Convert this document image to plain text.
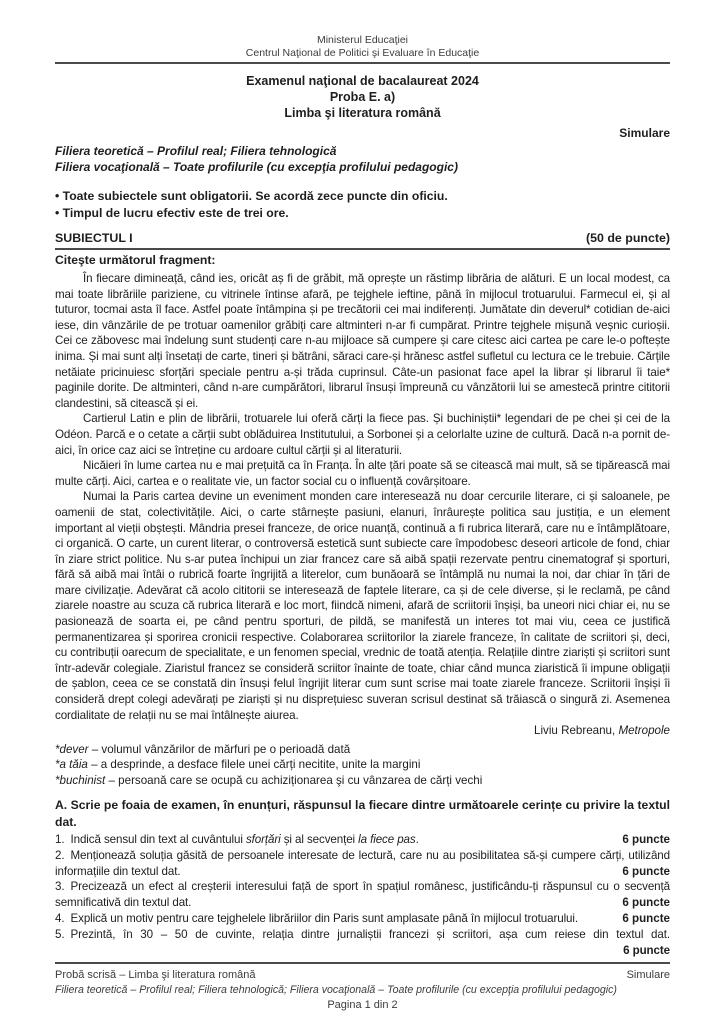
Ministerul Educaţiei
Centrul Naţional de Politici şi Evaluare în Educaţie
Examenul naţional de bacalaureat 2024
Proba E. a)
Limba şi literatura română
Simulare
Filiera teoretică – Profilul real; Filiera tehnologică
Filiera vocaţională – Toate profilurile (cu excepţia profilului pedagogic)
• Toate subiectele sunt obligatorii. Se acordă zece puncte din oficiu.
• Timpul de lucru efectiv este de trei ore.
SUBIECTUL I	(50 de puncte)
Citeşte următorul fragment:

În fiecare dimineață, când ies, oricât aș fi de grăbit, mă oprește un răstimp librăria de alături. E un local modest, ca mai toate librăriile pariziene, cu vitrinele întinse afară, pe tejghele ieftine, până în mijlocul trotuarului. Farmecul ei, și al tuturor, tocmai asta îl face. Astfel poate întâmpina și pe trecătorii cei mai indiferenți. Jumătate din deverul* cotidian de-aici iese, din vânzările de pe trotuar oamenilor grăbiți care altminteri n-ar fi cumpărat. Printre tejghele mișună veșnic curioșii. Cei ce zăbovesc mai îndelung sunt studenți care n-au mijloace să cumpere și care citesc aici cartea pe care le-o poftește inima. Și mai sunt alți însetați de carte, tineri și bătrâni, săraci care-și hrănesc astfel sufletul cu lectura ce le trebuie. Cărțile netăiate pricinuiesc sforțări speciale pentru a-și trăda cuprinsul. Câte-un pasionat face apel la librar și librarul îi taie* paginile dorite. De altminteri, când n-are cumpărători, librarul însuși împreună cu vânzătorii lui se amestecă printre cititorii clandestini, să citească și ei.

Cartierul Latin e plin de librării, trotuarele lui oferă cărți la fiece pas. Și buchiniștii* legendari de pe chei și cei de la Odéon. Parcă e o cetate a cărții subt oblăduirea Institutului, a Sorbonei și a celorlalte uzine de cultură. Dacă n-a pornit de-aici, în orice caz aici se întreține cu ardoare cultul cărții și al literaturii.

Nicăieri în lume cartea nu e mai prețuită ca în Franța. În alte țări poate să se citească mai mult, să se tipărească mai multe cărți. Aici, cartea e o realitate vie, un factor social cu o influență covârșitoare.

Numai la Paris cartea devine un eveniment monden care interesează nu doar cercurile literare, ci și saloanele, pe oamenii de stat, colectivitățile. Aici, o carte stârnește pasiuni, elanuri, înrâurește politica sau justiția, e un element important al vieții obștești. Mândria presei franceze, de orice nuanță, continuă a fi rubrica literară, care nu e întâmplătoare, ci organică. O carte, un curent literar, o controversă estetică sunt subiecte care împodobesc deseori articole de fond, chiar în ziare strict politice. Nu s-ar putea închipui un ziar francez care să aibă spații rezervate pentru cinematograf și sporturi, fără să aibă mai întâi o rubrică foarte îngrijită a literelor, cum bunăoară se întâmplă nu numai la noi, dar chiar în țări de mare civilizație. Adevărat că acolo cititorii se interesează de faptele literare, ca și de cele diverse, și le reclamă, pe când ziarele noastre au scuza că rubrica literară e loc mort, fiindcă nimeni, afară de scriitorii înșiși, ba uneori nici chiar ei, nu se pasionează de soarta ei, pe când pentru sporturi, de pildă, se manifestă un interes tot mai viu, ceea ce justifică permanentizarea și sporirea cronicii respective. Colaborarea scriitorilor la ziarele franceze, în calitate de scriitori și, deci, cu contribuții oarecum de specialitate, e un fenomen special, vrednic de toată atenția. Relațiile dintre ziariști și scriitori sunt într-adevăr colegiale. Ziaristul francez se consideră scriitor înainte de toate, chiar când munca ziaristică îi impune obligații de șablon, ceea ce se constată din însuși felul îngrijit literar cum sunt scrise mai toate ziarele franceze. Scriitorii înșiși îi consideră drept colegi adevărați pe ziariști și nu disprețuiesc suveran scrisul destinat să trăiască o singură zi. Asemenea cordialitate de relații nu se mai întâlnește aiurea.

Liviu Rebreanu, Metropole
*dever – volumul vânzărilor de mărfuri pe o perioadă dată
*a tăia – a desprinde, a desface filele unei cărți necitite, unite la margini
*buchinist – persoană care se ocupă cu achiziționarea şi cu vânzarea de cărți vechi
A. Scrie pe foaia de examen, în enunțuri, răspunsul la fiecare dintre următoarele cerințe cu privire la textul dat.
1. Indică sensul din text al cuvântului sforțări și al secvenței la fiece pas.	6 puncte
2. Menționează soluția găsită de persoanele interesate de lectură, care nu au posibilitatea să-și cumpere cărți, utilizând informațiile din textul dat.	6 puncte
3. Precizează un efect al creșterii interesului față de sport în spațiul românesc, justificându-ți răspunsul cu o secvență semnificativă din textul dat.	6 puncte
4. Explică un motiv pentru care tejghelele librăriilor din Paris sunt amplasate până în mijlocul trotuarului.	6 puncte
5. Prezintă, în 30 – 50 de cuvinte, relația dintre jurnaliștii francezi și scriitori, așa cum reiese din textul dat.
6 puncte
Probă scrisă – Limba şi literatura română	Simulare
Filiera teoretică – Profilul real; Filiera tehnologică; Filiera vocaţională – Toate profilurile (cu excepţia profilului pedagogic)
Pagina 1 din 2
